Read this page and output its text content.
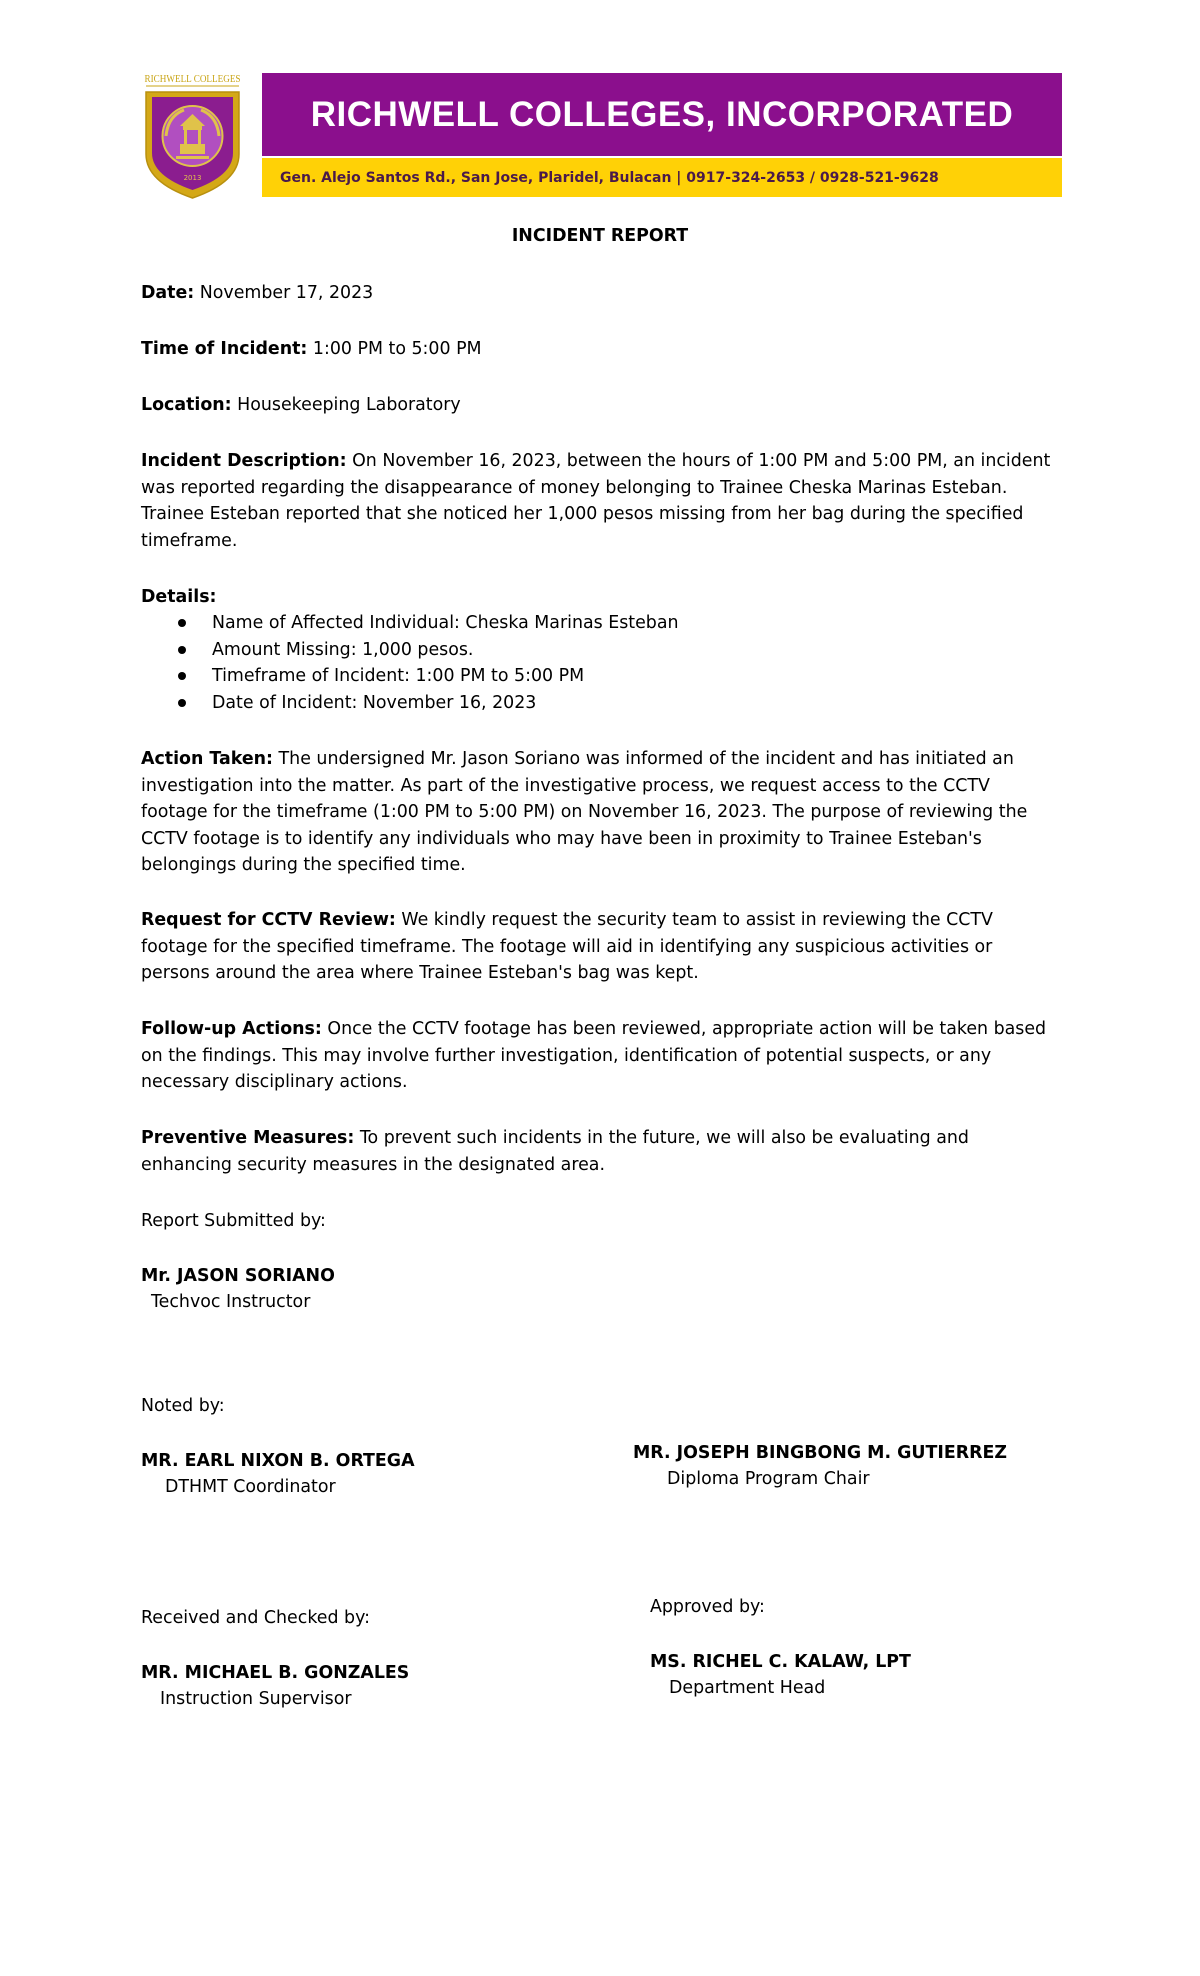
RICHWELL COLLEGES
2013
RICHWELL COLLEGES, INCORPORATED
Gen. Alejo Santos Rd., San Jose, Plaridel, Bulacan | 0917-324-2653 / 0928-521-9628
INCIDENT REPORT

Date: November 17, 2023

Time of Incident: 1:00 PM to 5:00 PM

Location: Housekeeping Laboratory

Incident Description: On November 16, 2023, between the hours of 1:00 PM and 5:00 PM, an incident was reported regarding the disappearance of money belonging to Trainee Cheska Marinas Esteban. Trainee Esteban reported that she noticed her 1,000 pesos missing from her bag during the specified timeframe.

Details:

Name of Affected Individual: Cheska Marinas Esteban
Amount Missing: 1,000 pesos.
Timeframe of Incident: 1:00 PM to 5:00 PM
Date of Incident: November 16, 2023

Action Taken: The undersigned Mr. Jason Soriano was informed of the incident and has initiated an investigation into the matter. As part of the investigative process, we request access to the CCTV footage for the timeframe (1:00 PM to 5:00 PM) on November 16, 2023. The purpose of reviewing the CCTV footage is to identify any individuals who may have been in proximity to Trainee Esteban's belongings during the specified time.

Request for CCTV Review: We kindly request the security team to assist in reviewing the CCTV footage for the specified timeframe. The footage will aid in identifying any suspicious activities or persons around the area where Trainee Esteban's bag was kept.

Follow-up Actions: Once the CCTV footage has been reviewed, appropriate action will be taken based on the findings. This may involve further investigation, identification of potential suspects, or any necessary disciplinary actions.

Preventive Measures: To prevent such incidents in the future, we will also be evaluating and enhancing security measures in the designated area.

Report Submitted by:

Mr. JASON SORIANO

Techvoc Instructor

Noted by:

MR. EARL NIXON B. ORTEGA

DTHMT Coordinator

MR. JOSEPH BINGBONG M. GUTIERREZ

Diploma Program Chair

Received and Checked by:

MR. MICHAEL B. GONZALES

Instruction Supervisor

Approved by:

MS. RICHEL C. KALAW, LPT

Department Head
